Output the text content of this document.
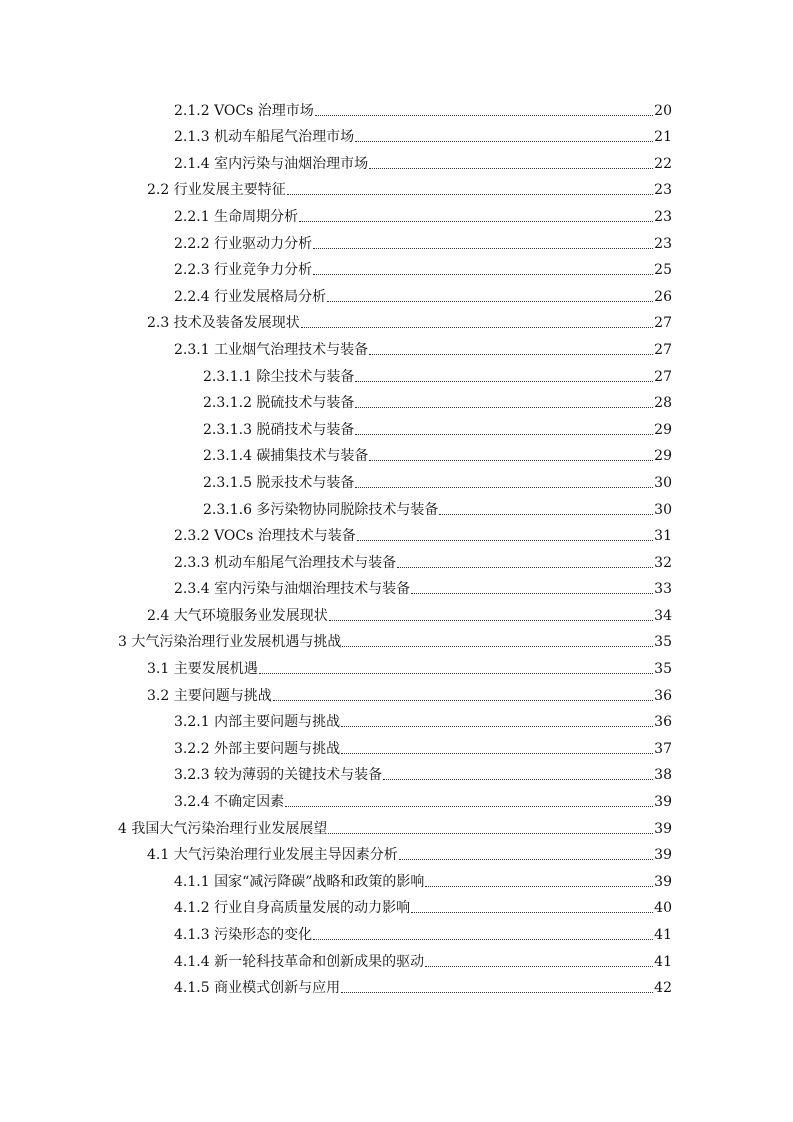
2.1.2 VOCs 治理市场	20
2.1.3 机动车船尾气治理市场	21
2.1.4 室内污染与油烟治理市场	22
2.2 行业发展主要特征	23
2.2.1 生命周期分析	23
2.2.2 行业驱动力分析	23
2.2.3 行业竞争力分析	25
2.2.4 行业发展格局分析	26
2.3 技术及装备发展现状	27
2.3.1 工业烟气治理技术与装备	27
2.3.1.1 除尘技术与装备	27
2.3.1.2 脱硫技术与装备	28
2.3.1.3 脱硝技术与装备	29
2.3.1.4 碳捕集技术与装备	29
2.3.1.5 脱汞技术与装备	30
2.3.1.6 多污染物协同脱除技术与装备	30
2.3.2 VOCs 治理技术与装备	31
2.3.3 机动车船尾气治理技术与装备	32
2.3.4 室内污染与油烟治理技术与装备	33
2.4 大气环境服务业发展现状	34
3 大气污染治理行业发展机遇与挑战	35
3.1 主要发展机遇	35
3.2 主要问题与挑战	36
3.2.1 内部主要问题与挑战	36
3.2.2 外部主要问题与挑战	37
3.2.3 较为薄弱的关键技术与装备	38
3.2.4 不确定因素	39
4 我国大气污染治理行业发展展望	39
4.1 大气污染治理行业发展主导因素分析	39
4.1.1 国家“减污降碳”战略和政策的影响	39
4.1.2 行业自身高质量发展的动力影响	40
4.1.3 污染形态的变化	41
4.1.4 新一轮科技革命和创新成果的驱动	41
4.1.5 商业模式创新与应用	42
